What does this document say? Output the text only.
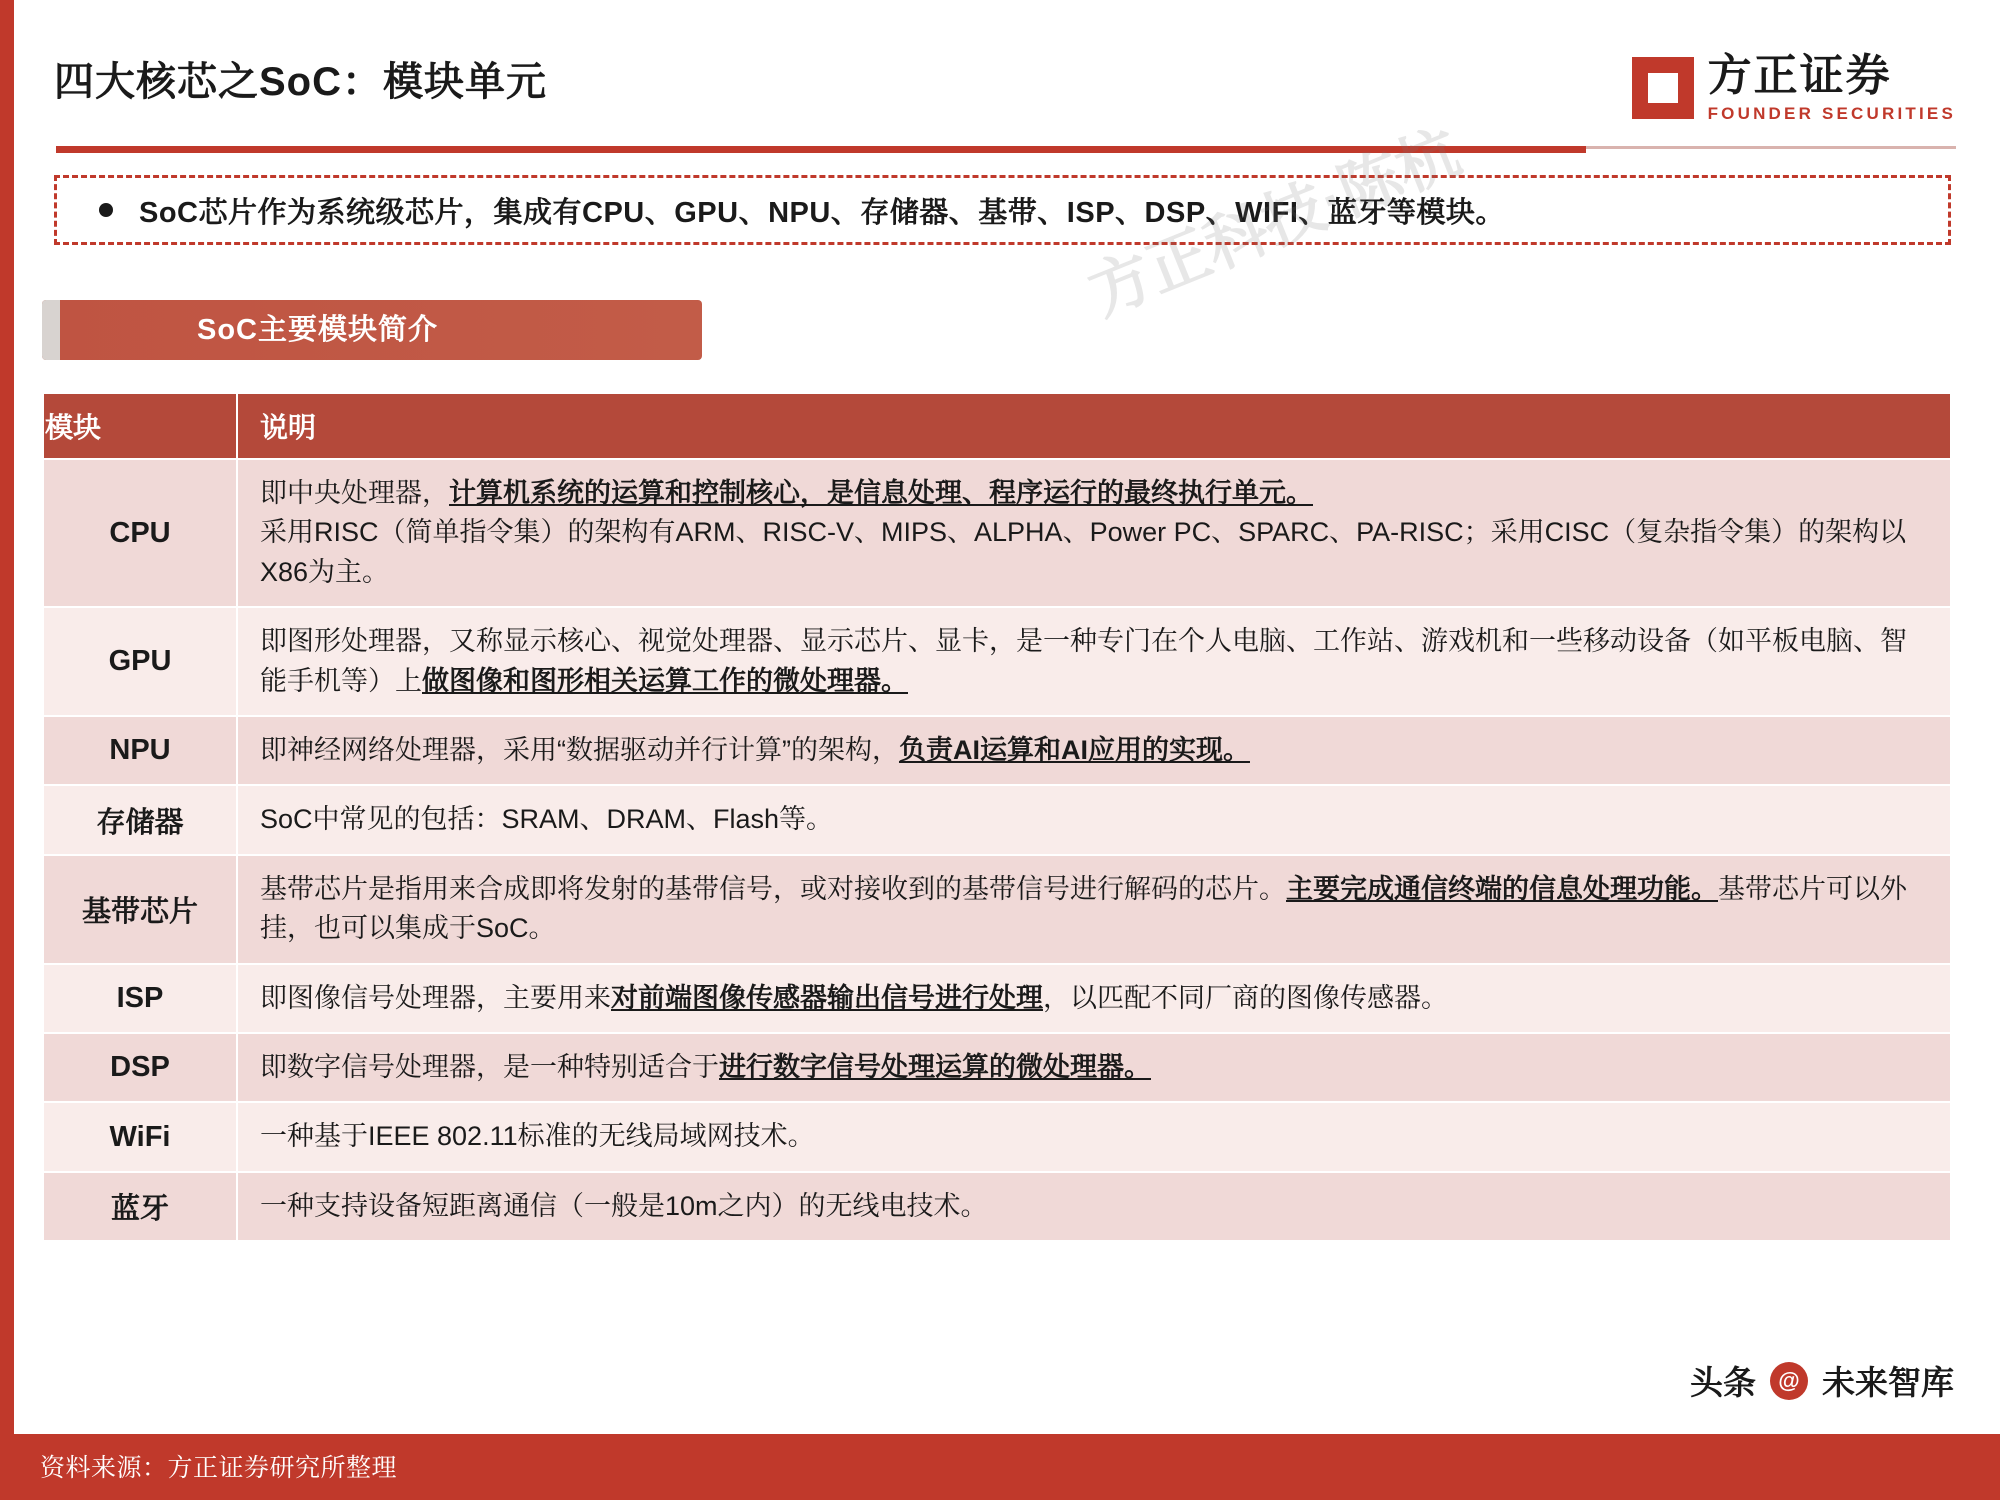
四大核芯之SoC：模块单元	方正证券
FOUNDER SECURITIES
SoC芯片作为系统级芯片，集成有CPU、GPU、NPU、存储器、基带、ISP、DSP、WIFI、蓝牙等模块。
SoC主要模块简介
模块	说明
CPU	即中央处理器，计算机系统的运算和控制核心，是信息处理、程序运行的最终执行单元。
采用RISC（简单指令集）的架构有ARM、RISC-V、MIPS、ALPHA、Power PC、SPARC、PA-RISC；采用CISC（复杂指令集）的架构以X86为主。
GPU	即图形处理器，又称显示核心、视觉处理器、显示芯片、显卡，是一种专门在个人电脑、工作站、游戏机和一些移动设备（如平板电脑、智能手机等）上做图像和图形相关运算工作的微处理器。
NPU	即神经网络处理器，采用“数据驱动并行计算”的架构，负责AI运算和AI应用的实现。
存储器	SoC中常见的包括：SRAM、DRAM、Flash等。
基带芯片	基带芯片是指用来合成即将发射的基带信号，或对接收到的基带信号进行解码的芯片。主要完成通信终端的信息处理功能。基带芯片可以外挂，也可以集成于SoC。
ISP	即图像信号处理器，主要用来对前端图像传感器输出信号进行处理，以匹配不同厂商的图像传感器。
DSP	即数字信号处理器，是一种特别适合于进行数字信号处理运算的微处理器。
WiFi	一种基于IEEE 802.11标准的无线局域网技术。
蓝牙	一种支持设备短距离通信（一般是10m之内）的无线电技术。
头条	@ 未来智库
资料来源：方正证券研究所整理
